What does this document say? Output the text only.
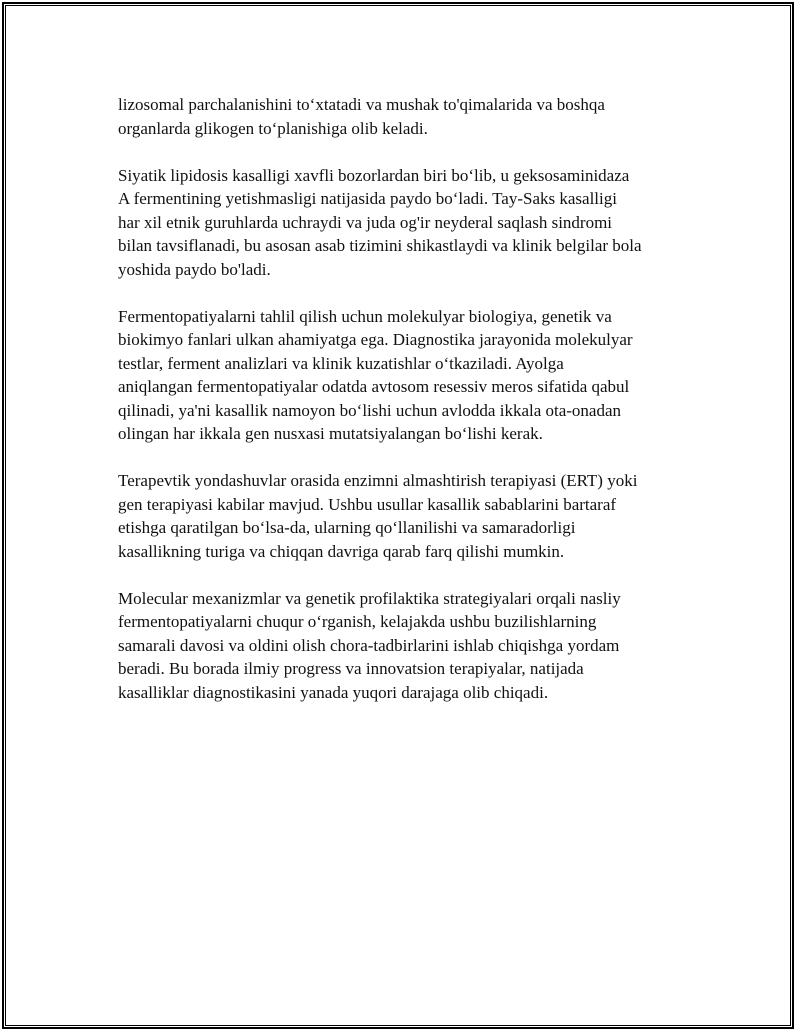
lizosomal parchalanishini to‘xtatadi va mushak to'qimalarida va boshqa
organlarda glikogen to‘planishiga olib keladi.

Siyatik lipidosis kasalligi xavfli bozorlardan biri bo‘lib, u geksosaminidaza
A fermentining yetishmasligi natijasida paydo bo‘ladi. Tay-Saks kasalligi
har xil etnik guruhlarda uchraydi va juda og'ir neyderal saqlash sindromi
bilan tavsiflanadi, bu asosan asab tizimini shikastlaydi va klinik belgilar bola
yoshida paydo bo'ladi.

Fermentopatiyalarni tahlil qilish uchun molekulyar biologiya, genetik va
biokimyo fanlari ulkan ahamiyatga ega. Diagnostika jarayonida molekulyar
testlar, ferment analizlari va klinik kuzatishlar o‘tkaziladi. Ayolga
aniqlangan fermentopatiyalar odatda avtosom resessiv meros sifatida qabul
qilinadi, ya'ni kasallik namoyon bo‘lishi uchun avlodda ikkala ota-onadan
olingan har ikkala gen nusxasi mutatsiyalangan bo‘lishi kerak.

Terapevtik yondashuvlar orasida enzimni almashtirish terapiyasi (ERT) yoki
gen terapiyasi kabilar mavjud. Ushbu usullar kasallik sabablarini bartaraf
etishga qaratilgan bo‘lsa-da, ularning qo‘llanilishi va samaradorligi
kasallikning turiga va chiqqan davriga qarab farq qilishi mumkin.

Molecular mexanizmlar va genetik profilaktika strategiyalari orqali nasliy
fermentopatiyalarni chuqur o‘rganish, kelajakda ushbu buzilishlarning
samarali davosi va oldini olish chora-tadbirlarini ishlab chiqishga yordam
beradi. Bu borada ilmiy progress va innovatsion terapiyalar, natijada
kasalliklar diagnostikasini yanada yuqori darajaga olib chiqadi.
